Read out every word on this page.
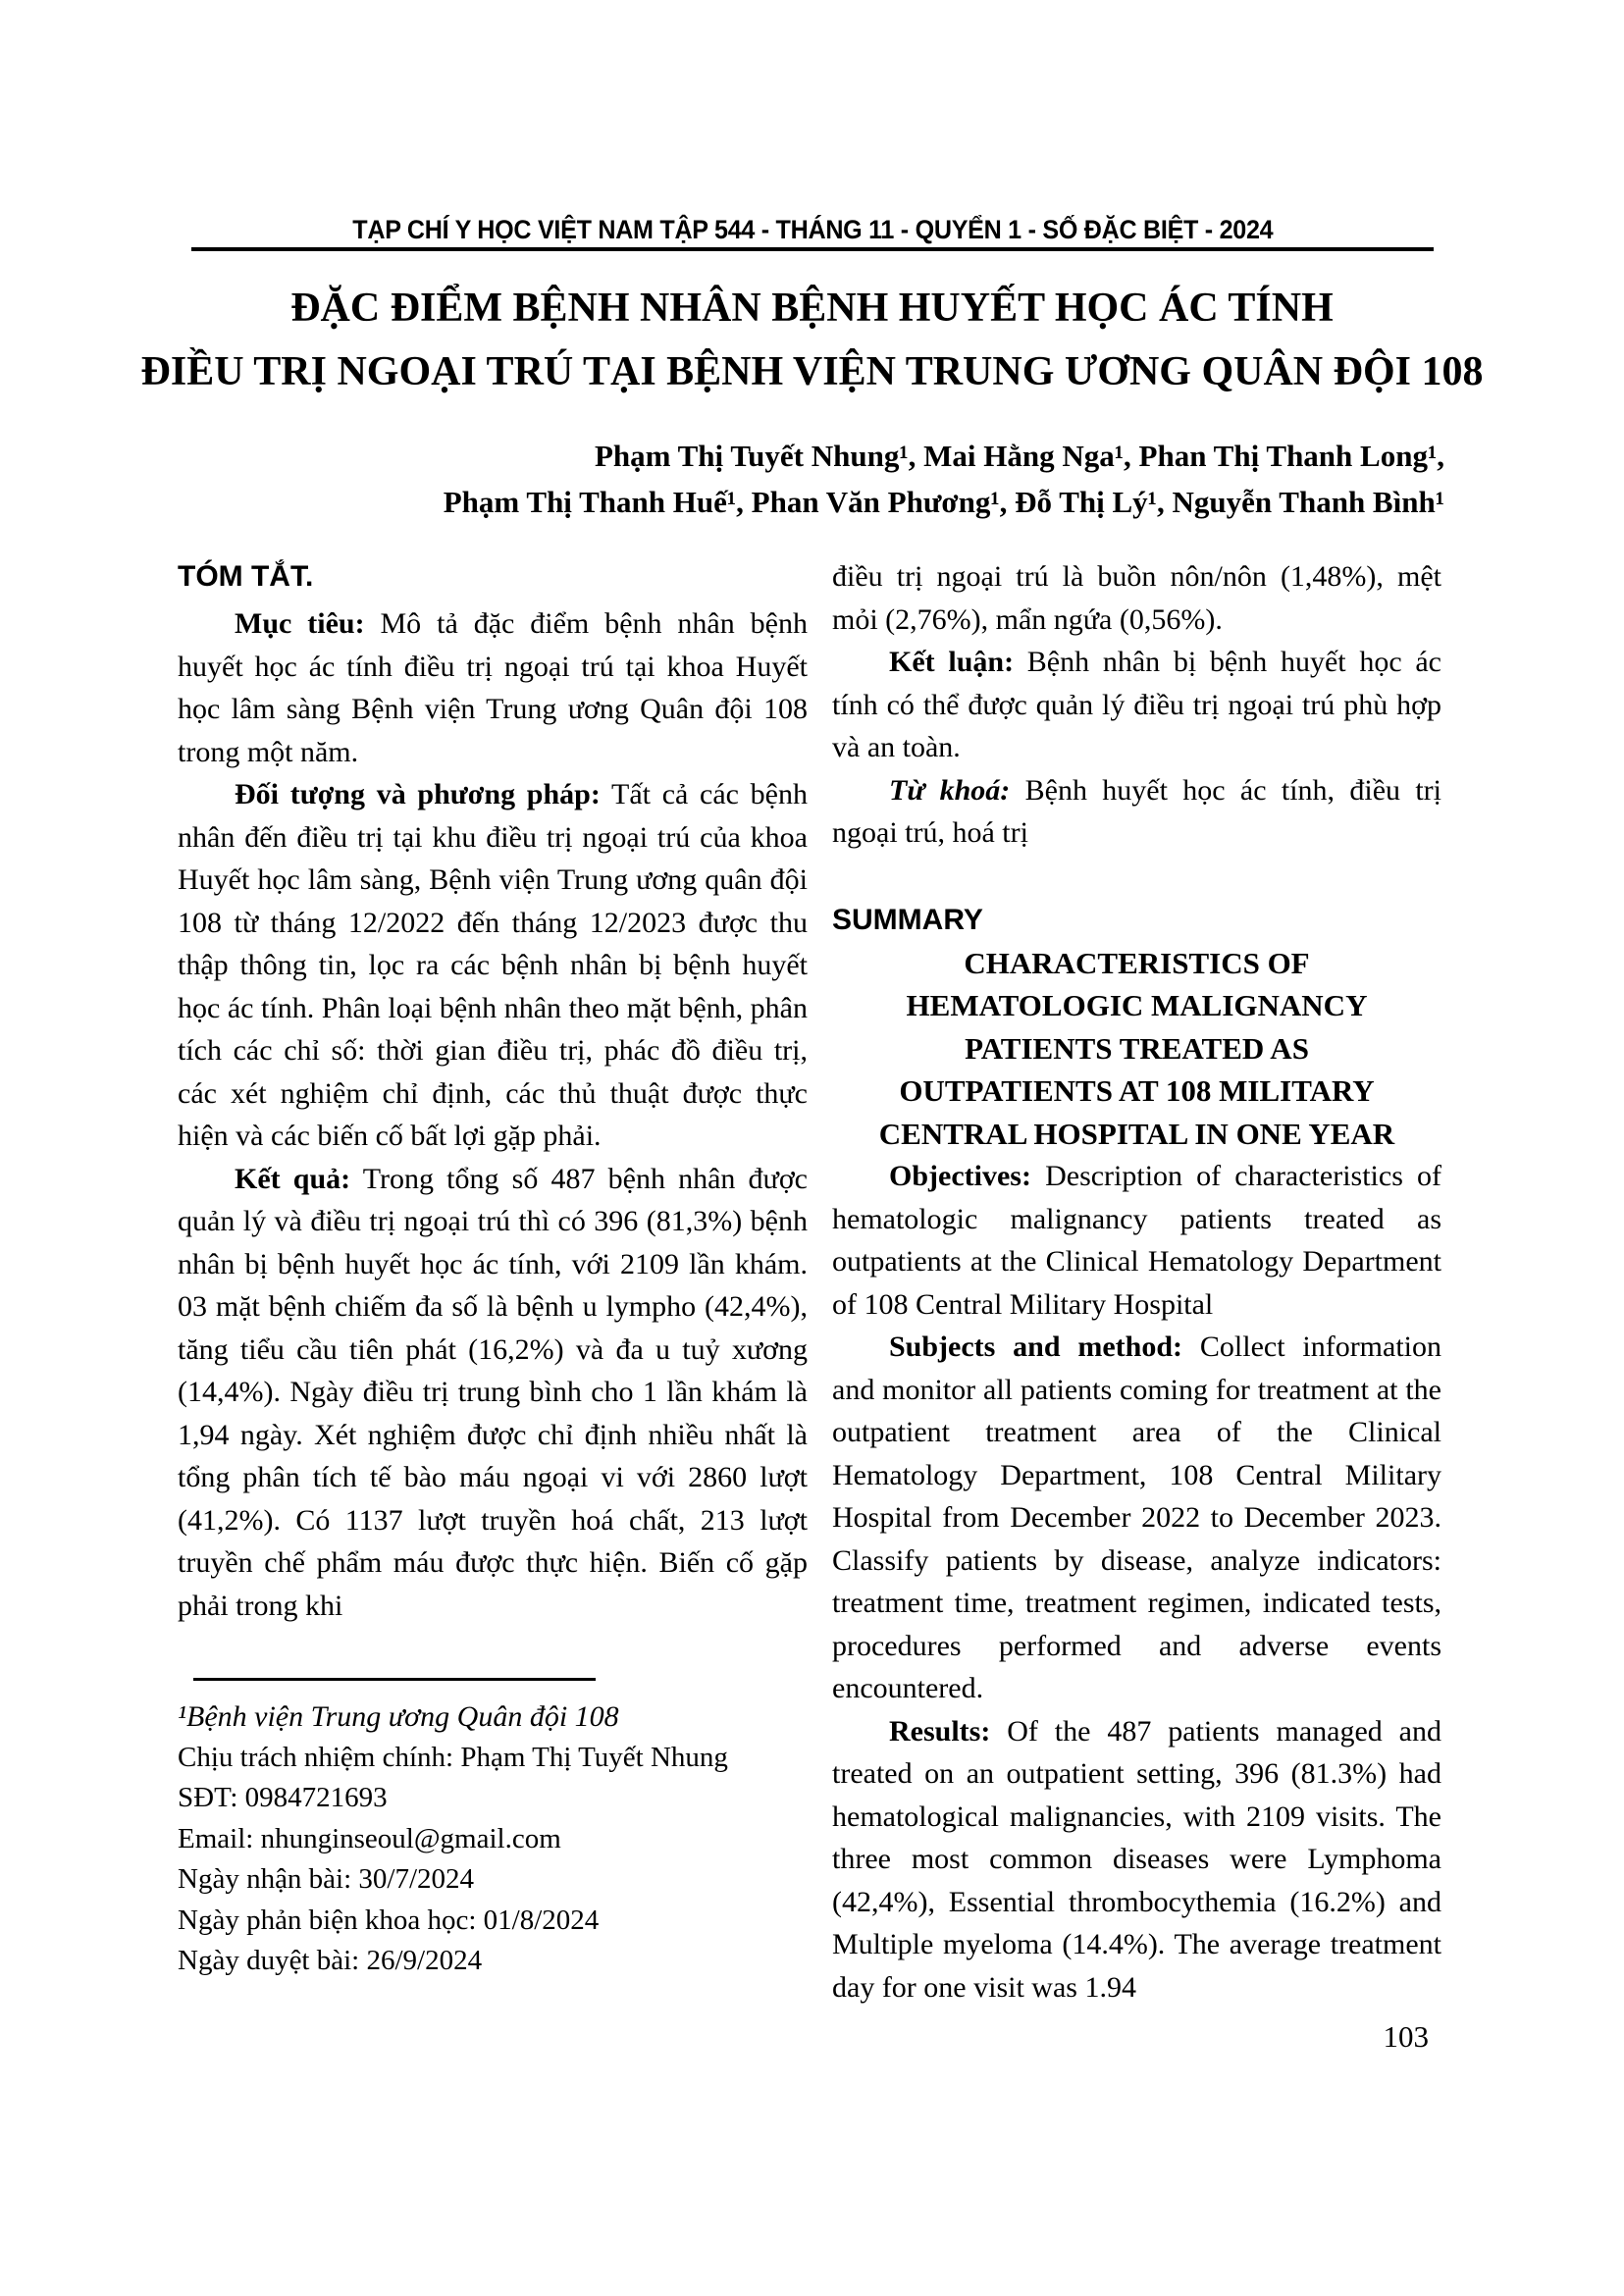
TẠP CHÍ Y HỌC VIỆT NAM TẬP 544 - THÁNG 11 - QUYỂN 1 - SỐ ĐẶC BIỆT - 2024
ĐẶC ĐIỂM BỆNH NHÂN BỆNH HUYẾT HỌC ÁC TÍNH
ĐIỀU TRỊ NGOẠI TRÚ TẠI BỆNH VIỆN TRUNG ƯƠNG QUÂN ĐỘI 108
Phạm Thị Tuyết Nhung¹, Mai Hằng Nga¹, Phan Thị Thanh Long¹,
Phạm Thị Thanh Huế¹, Phan Văn Phương¹, Đỗ Thị Lý¹, Nguyễn Thanh Bình¹
TÓM TẮT.

Mục tiêu: Mô tả đặc điểm bệnh nhân bệnh huyết học ác tính điều trị ngoại trú tại khoa Huyết học lâm sàng Bệnh viện Trung ương Quân đội 108 trong một năm.

Đối tượng và phương pháp: Tất cả các bệnh nhân đến điều trị tại khu điều trị ngoại trú của khoa Huyết học lâm sàng, Bệnh viện Trung ương quân đội 108 từ tháng 12/2022 đến tháng 12/2023 được thu thập thông tin, lọc ra các bệnh nhân bị bệnh huyết học ác tính. Phân loại bệnh nhân theo mặt bệnh, phân tích các chỉ số: thời gian điều trị, phác đồ điều trị, các xét nghiệm chỉ định, các thủ thuật được thực hiện và các biến cố bất lợi gặp phải.

Kết quả: Trong tổng số 487 bệnh nhân được quản lý và điều trị ngoại trú thì có 396 (81,3%) bệnh nhân bị bệnh huyết học ác tính, với 2109 lần khám. 03 mặt bệnh chiếm đa số là bệnh u lympho (42,4%), tăng tiểu cầu tiên phát (16,2%) và đa u tuỷ xương (14,4%). Ngày điều trị trung bình cho 1 lần khám là 1,94 ngày. Xét nghiệm được chỉ định nhiều nhất là tổng phân tích tế bào máu ngoại vi với 2860 lượt (41,2%). Có 1137 lượt truyền hoá chất, 213 lượt truyền chế phẩm máu được thực hiện. Biến cố gặp phải trong khi

điều trị ngoại trú là buồn nôn/nôn (1,48%), mệt mỏi (2,76%), mẩn ngứa (0,56%).

Kết luận: Bệnh nhân bị bệnh huyết học ác tính có thể được quản lý điều trị ngoại trú phù hợp và an toàn.

Từ khoá: Bệnh huyết học ác tính, điều trị ngoại trú, hoá trị

SUMMARY
CHARACTERISTICS OF
HEMATOLOGIC MALIGNANCY
PATIENTS TREATED AS
OUTPATIENTS AT 108 MILITARY
CENTRAL HOSPITAL IN ONE YEAR

Objectives: Description of characteristics of hematologic malignancy patients treated as outpatients at the Clinical Hematology Department of 108 Central Military Hospital

Subjects and method: Collect information and monitor all patients coming for treatment at the outpatient treatment area of the Clinical Hematology Department, 108 Central Military Hospital from December 2022 to December 2023. Classify patients by disease, analyze indicators: treatment time, treatment regimen, indicated tests, procedures performed and adverse events encountered.

Results: Of the 487 patients managed and treated on an outpatient setting, 396 (81.3%) had hematological malignancies, with 2109 visits. The three most common diseases were Lymphoma (42,4%), Essential thrombocythemia (16.2%) and Multiple myeloma (14.4%). The average treatment day for one visit was 1.94

¹Bệnh viện Trung ương Quân đội 108
Chịu trách nhiệm chính: Phạm Thị Tuyết Nhung
SĐT: 0984721693
Email: nhunginseoul@gmail.com
Ngày nhận bài: 30/7/2024
Ngày phản biện khoa học: 01/8/2024
Ngày duyệt bài: 26/9/2024
103
